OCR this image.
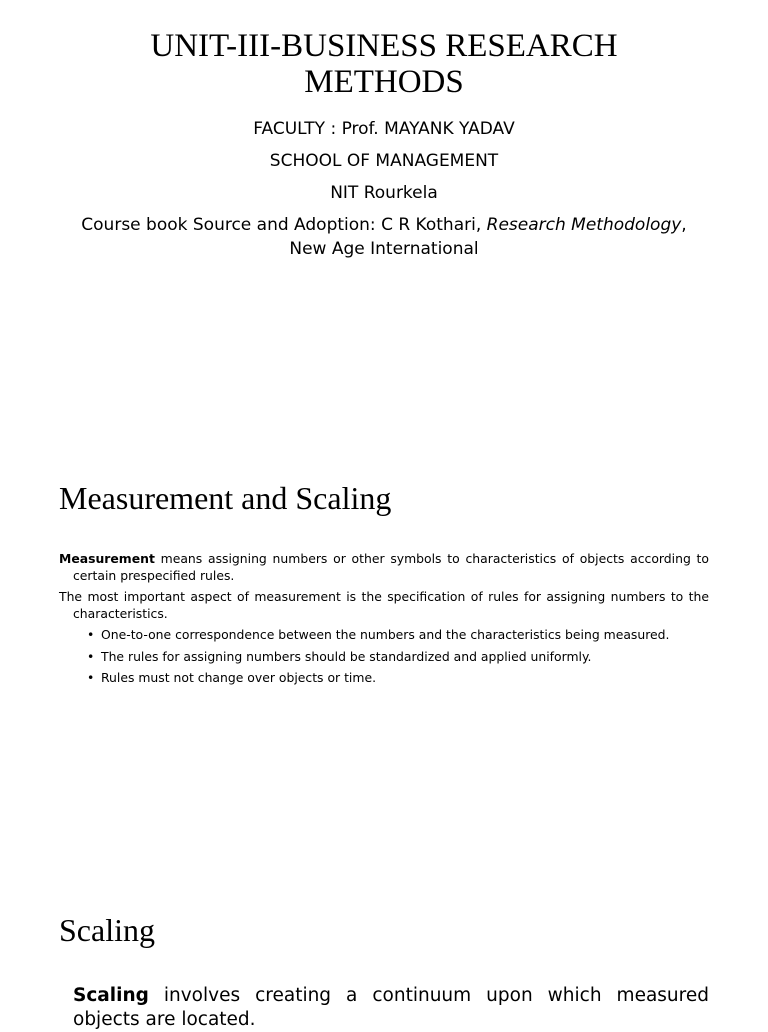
UNIT-III-BUSINESS RESEARCH
METHODS
FACULTY : Prof. MAYANK YADAV
SCHOOL OF MANAGEMENT
NIT Rourkela
Course book Source and Adoption: C R Kothari, Research Methodology,
New Age International
Measurement and Scaling
Measurement means assigning numbers or other symbols to characteristics of objects according to certain prespecified rules.
The most important aspect of measurement is the specification of rules for assigning numbers to the characteristics.
• One-to-one correspondence between the numbers and the characteristics being measured.
• The rules for assigning numbers should be standardized and applied uniformly.
• Rules must not change over objects or time.
Scaling
Scaling involves creating a continuum upon which measured objects are located.
